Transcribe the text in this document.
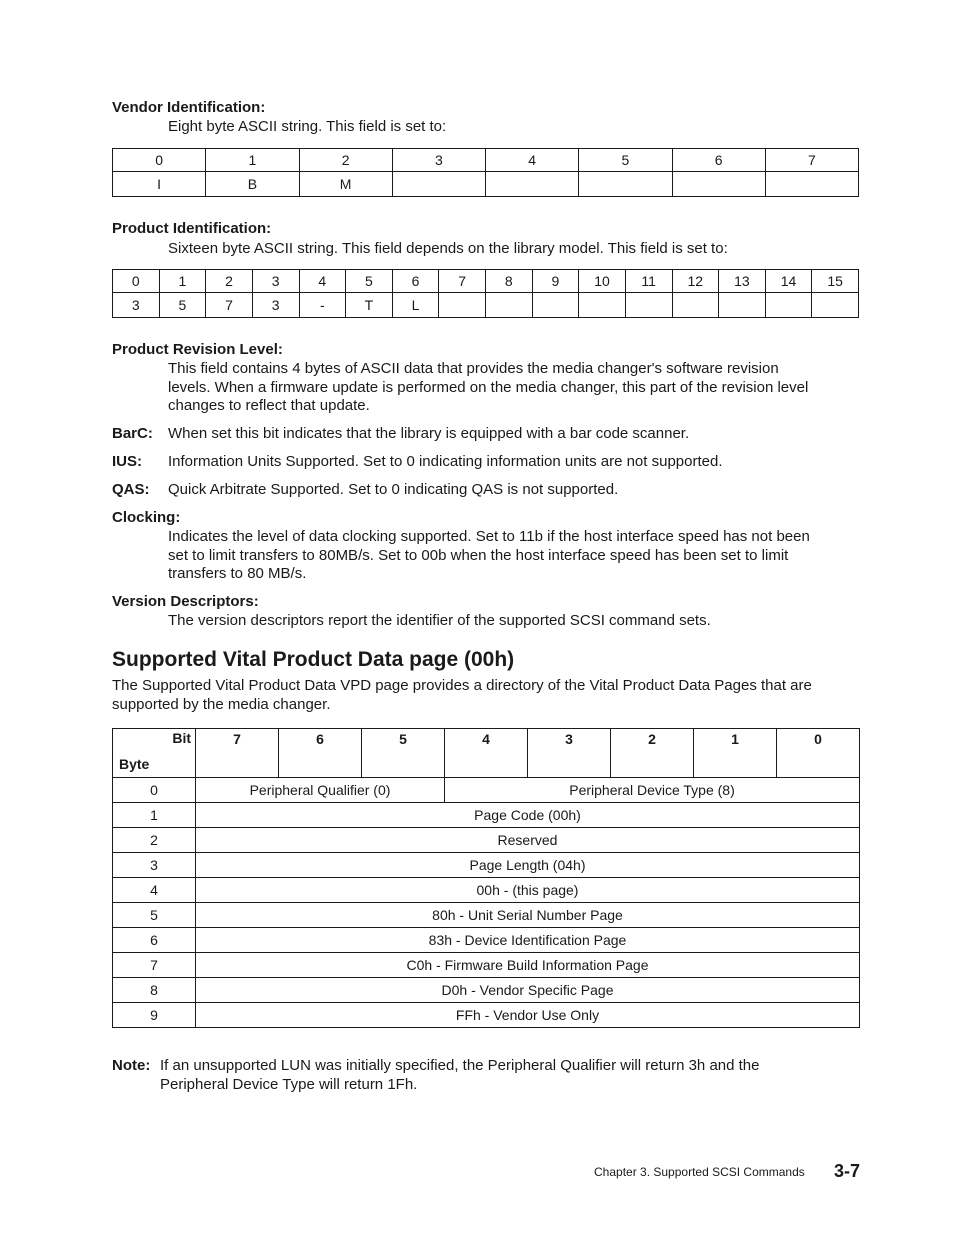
Vendor Identification:
Eight byte ASCII string. This field is set to:
0	1	2	3	4	5	6	7
I	B	M					
Product Identification:
Sixteen byte ASCII string. This field depends on the library model. This field is set to:
0	1	2	3	4	5	6	7	8	9	10	11	12	13	14	15
3	5	7	3	-	T	L									
Product Revision Level:
This field contains 4 bytes of ASCII data that provides the media changer's software revision
levels. When a firmware update is performed on the media changer, this part of the revision level
changes to reflect that update.
BarC: When set this bit indicates that the library is equipped with a bar code scanner.
IUS: Information Units Supported. Set to 0 indicating information units are not supported.
QAS: Quick Arbitrate Supported. Set to 0 indicating QAS is not supported.
Clocking:
Indicates the level of data clocking supported. Set to 11b if the host interface speed has not been
set to limit transfers to 80MB/s. Set to 00b when the host interface speed has been set to limit
transfers to 80 MB/s.
Version Descriptors:
The version descriptors report the identifier of the supported SCSI command sets.
Supported Vital Product Data page (00h)
The Supported Vital Product Data VPD page provides a directory of the Vital Product Data Pages that are
supported by the media changer.
Bit
Byte	7	6	5	4	3	2	1	0
0	Peripheral Qualifier (0)			Peripheral Device Type (8)				
1	Page Code (00h)							
2	Reserved							
3	Page Length (04h)							
4	00h - (this page)							
5	80h - Unit Serial Number Page							
6	83h - Device Identification Page							
7	C0h - Firmware Build Information Page							
8	D0h - Vendor Specific Page							
9	FFh - Vendor Use Only							
Note: If an unsupported LUN was initially specified, the Peripheral Qualifier will return 3h and the
Peripheral Device Type will return 1Fh.
Chapter 3. Supported SCSI Commands 3-7
